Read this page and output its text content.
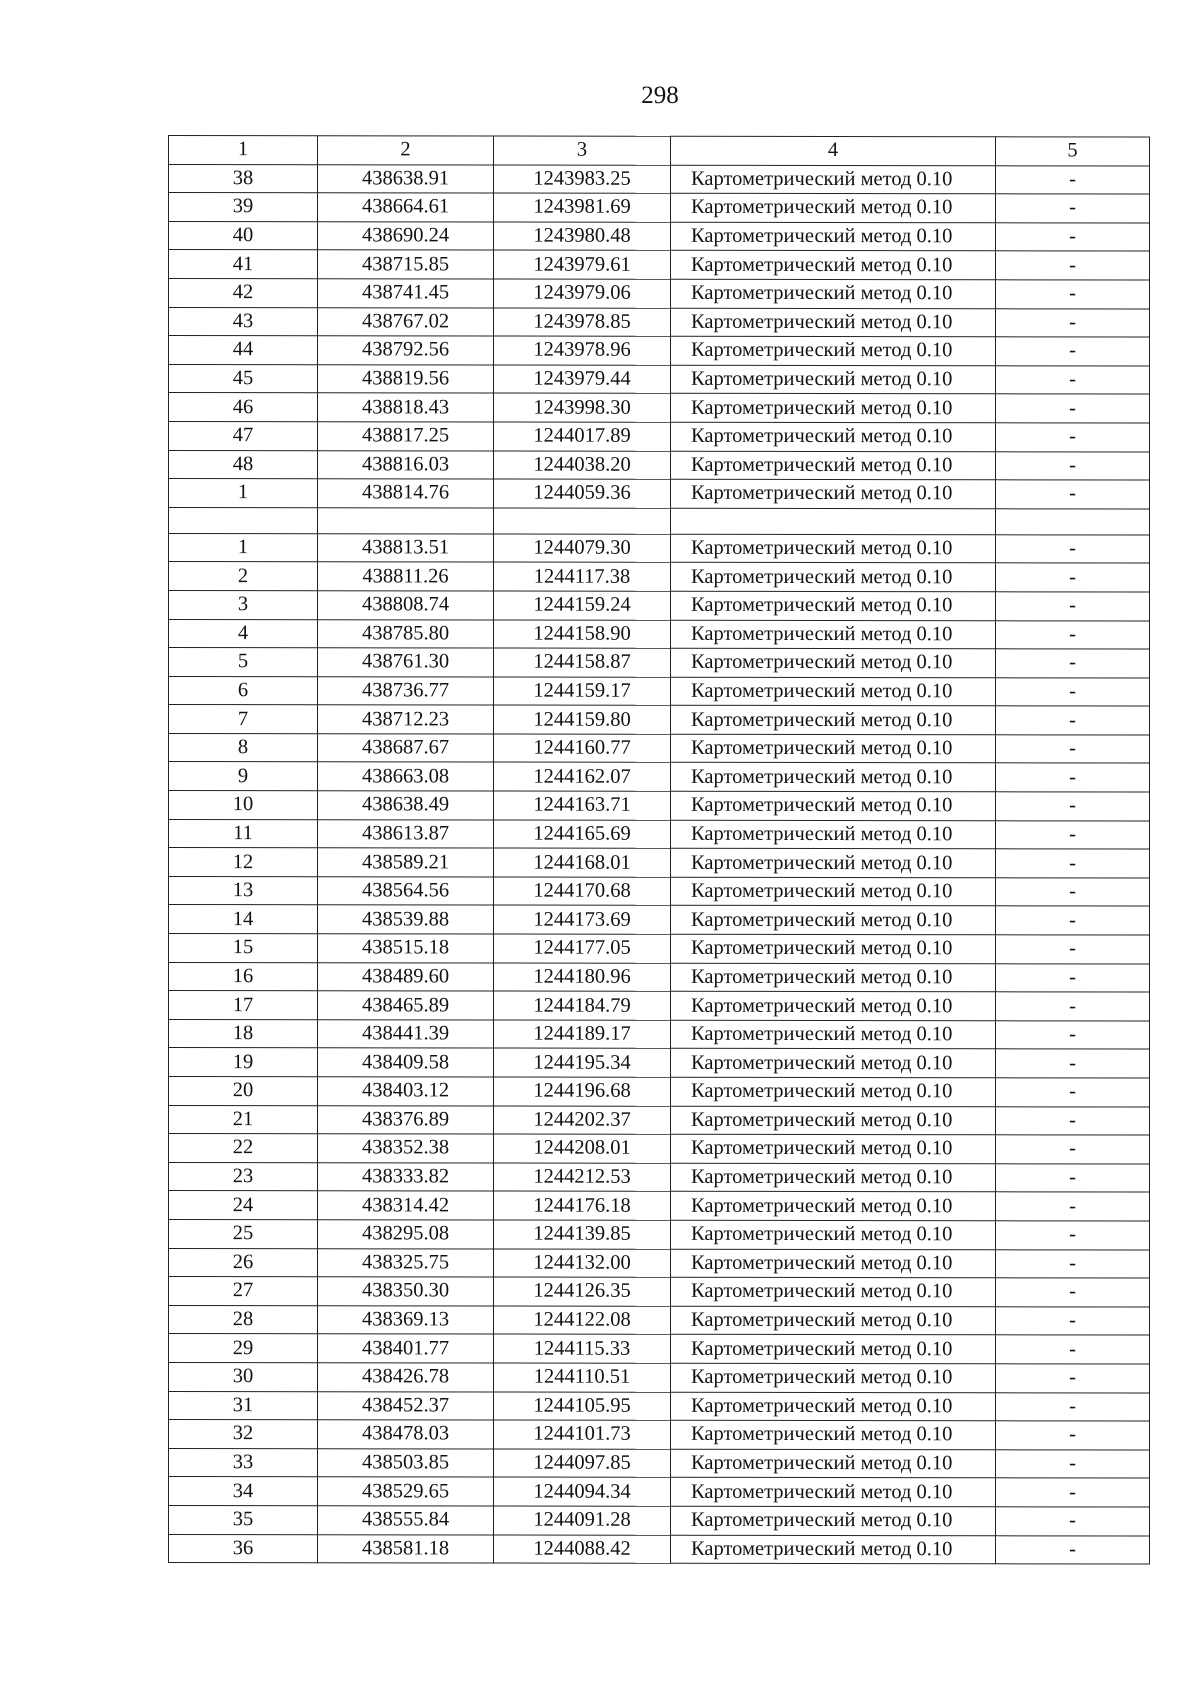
298
1	2	3	4	5
38	438638.91	1243983.25	Картометрический метод 0.10	-
39	438664.61	1243981.69	Картометрический метод 0.10	-
40	438690.24	1243980.48	Картометрический метод 0.10	-
41	438715.85	1243979.61	Картометрический метод 0.10	-
42	438741.45	1243979.06	Картометрический метод 0.10	-
43	438767.02	1243978.85	Картометрический метод 0.10	-
44	438792.56	1243978.96	Картометрический метод 0.10	-
45	438819.56	1243979.44	Картометрический метод 0.10	-
46	438818.43	1243998.30	Картометрический метод 0.10	-
47	438817.25	1244017.89	Картометрический метод 0.10	-
48	438816.03	1244038.20	Картометрический метод 0.10	-
1	438814.76	1244059.36	Картометрический метод 0.10	-

1	438813.51	1244079.30	Картометрический метод 0.10	-
2	438811.26	1244117.38	Картометрический метод 0.10	-
3	438808.74	1244159.24	Картометрический метод 0.10	-
4	438785.80	1244158.90	Картометрический метод 0.10	-
5	438761.30	1244158.87	Картометрический метод 0.10	-
6	438736.77	1244159.17	Картометрический метод 0.10	-
7	438712.23	1244159.80	Картометрический метод 0.10	-
8	438687.67	1244160.77	Картометрический метод 0.10	-
9	438663.08	1244162.07	Картометрический метод 0.10	-
10	438638.49	1244163.71	Картометрический метод 0.10	-
11	438613.87	1244165.69	Картометрический метод 0.10	-
12	438589.21	1244168.01	Картометрический метод 0.10	-
13	438564.56	1244170.68	Картометрический метод 0.10	-
14	438539.88	1244173.69	Картометрический метод 0.10	-
15	438515.18	1244177.05	Картометрический метод 0.10	-
16	438489.60	1244180.96	Картометрический метод 0.10	-
17	438465.89	1244184.79	Картометрический метод 0.10	-
18	438441.39	1244189.17	Картометрический метод 0.10	-
19	438409.58	1244195.34	Картометрический метод 0.10	-
20	438403.12	1244196.68	Картометрический метод 0.10	-
21	438376.89	1244202.37	Картометрический метод 0.10	-
22	438352.38	1244208.01	Картометрический метод 0.10	-
23	438333.82	1244212.53	Картометрический метод 0.10	-
24	438314.42	1244176.18	Картометрический метод 0.10	-
25	438295.08	1244139.85	Картометрический метод 0.10	-
26	438325.75	1244132.00	Картометрический метод 0.10	-
27	438350.30	1244126.35	Картометрический метод 0.10	-
28	438369.13	1244122.08	Картометрический метод 0.10	-
29	438401.77	1244115.33	Картометрический метод 0.10	-
30	438426.78	1244110.51	Картометрический метод 0.10	-
31	438452.37	1244105.95	Картометрический метод 0.10	-
32	438478.03	1244101.73	Картометрический метод 0.10	-
33	438503.85	1244097.85	Картометрический метод 0.10	-
34	438529.65	1244094.34	Картометрический метод 0.10	-
35	438555.84	1244091.28	Картометрический метод 0.10	-
36	438581.18	1244088.42	Картометрический метод 0.10	-
